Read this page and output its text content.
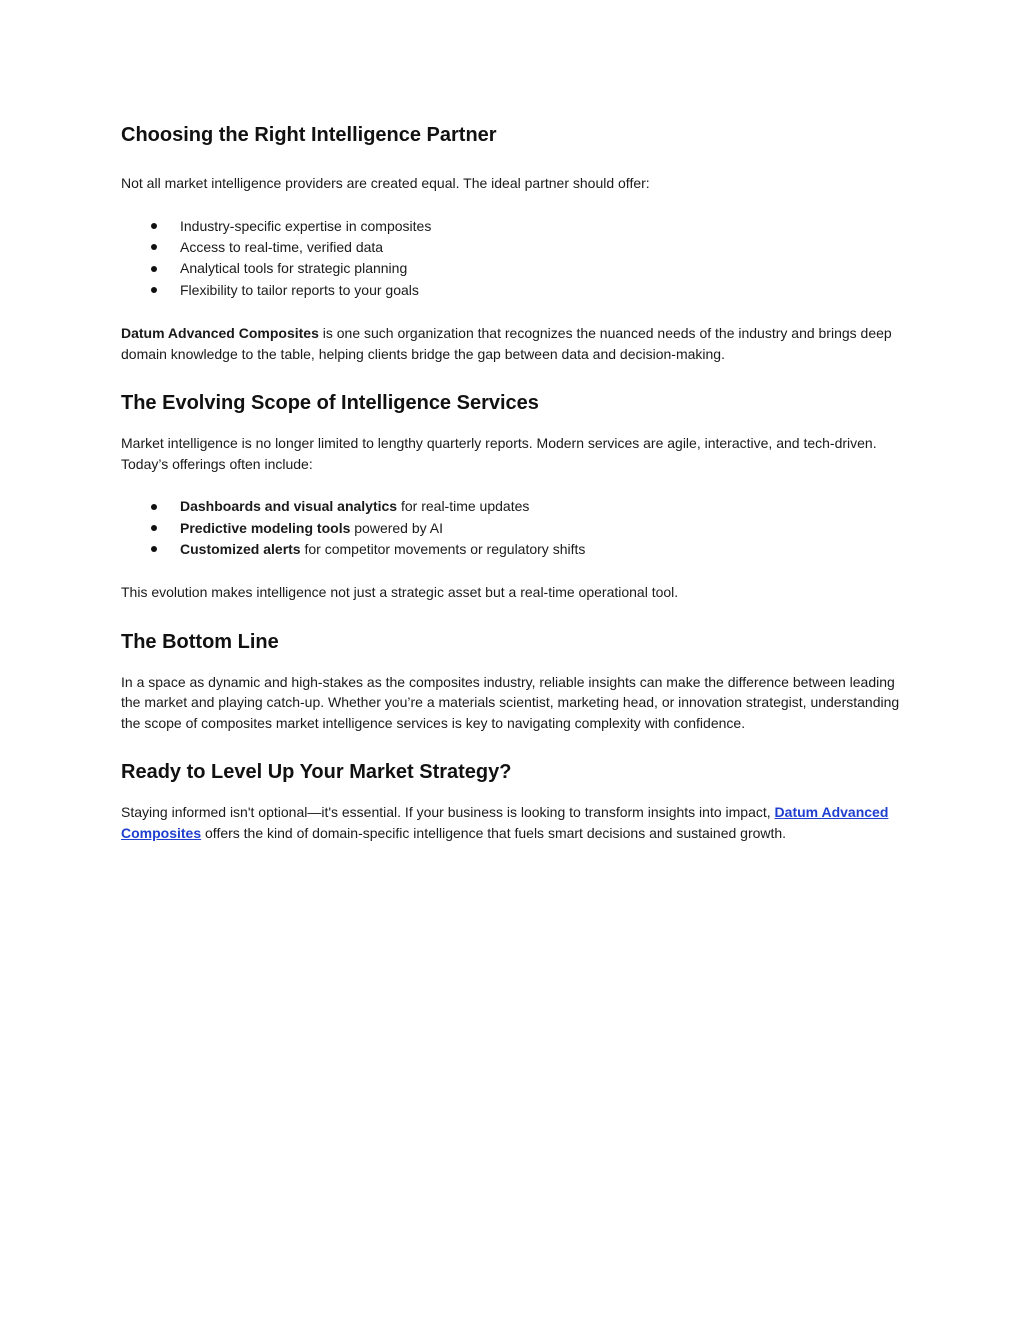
Choosing the Right Intelligence Partner

Not all market intelligence providers are created equal. The ideal partner should offer:

Industry-specific expertise in composites
Access to real-time, verified data
Analytical tools for strategic planning
Flexibility to tailor reports to your goals

Datum Advanced Composites is one such organization that recognizes the nuanced needs of the industry and brings deep domain knowledge to the table, helping clients bridge the gap between data and decision-making.

The Evolving Scope of Intelligence Services

Market intelligence is no longer limited to lengthy quarterly reports. Modern services are agile, interactive, and tech-driven. Today’s offerings often include:

Dashboards and visual analytics for real-time updates
Predictive modeling tools powered by AI
Customized alerts for competitor movements or regulatory shifts

This evolution makes intelligence not just a strategic asset but a real-time operational tool.

The Bottom Line

In a space as dynamic and high-stakes as the composites industry, reliable insights can make the difference between leading the market and playing catch-up. Whether you’re a materials scientist, marketing head, or innovation strategist, understanding the scope of composites market intelligence services is key to navigating complexity with confidence.

Ready to Level Up Your Market Strategy?

Staying informed isn't optional—it's essential. If your business is looking to transform insights into impact, Datum Advanced Composites offers the kind of domain-specific intelligence that fuels smart decisions and sustained growth.
